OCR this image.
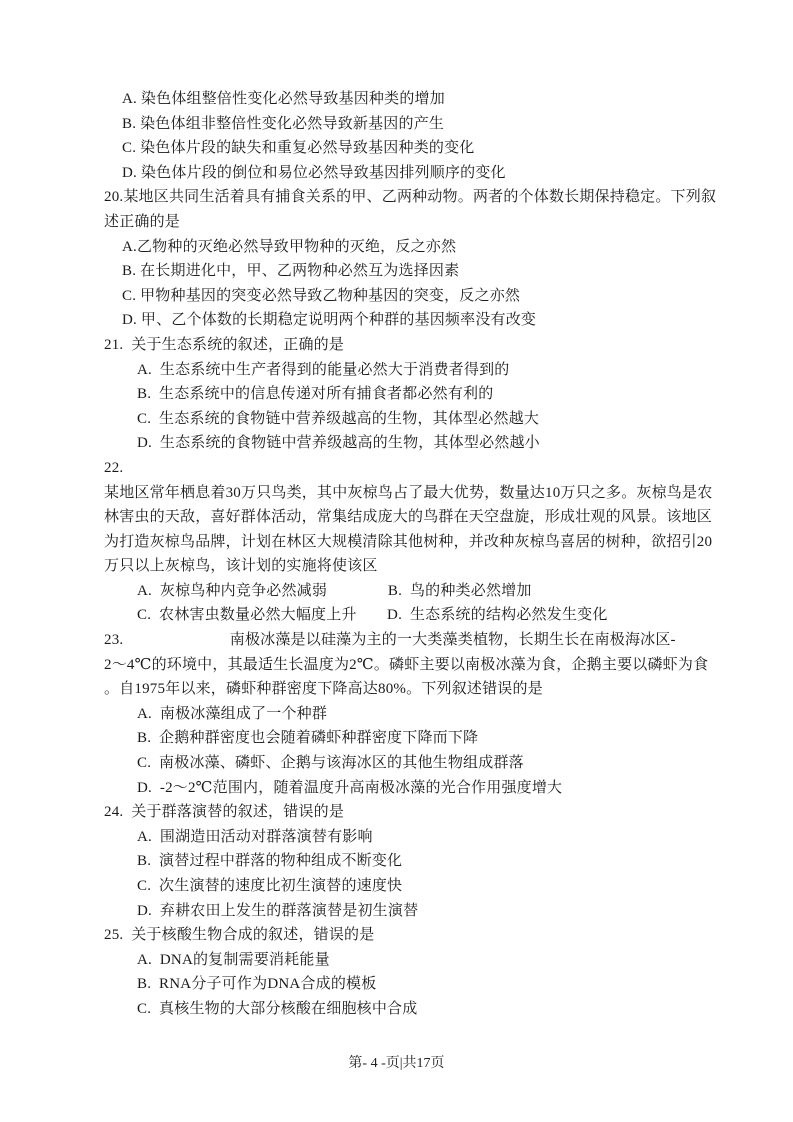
A. 染色体组整倍性变化必然导致基因种类的增加
B. 染色体组非整倍性变化必然导致新基因的产生
C. 染色体片段的缺失和重复必然导致基因种类的变化
D. 染色体片段的倒位和易位必然导致基因排列顺序的变化
20.某地区共同生活着具有捕食关系的甲、乙两种动物。两者的个体数长期保持稳定。下列叙
述正确的是
A.乙物种的灭绝必然导致甲物种的灭绝，反之亦然
B. 在长期进化中，甲、乙两物种必然互为选择因素
C. 甲物种基因的突变必然导致乙物种基因的突变，反之亦然
D. 甲、乙个体数的长期稳定说明两个种群的基因频率没有改变
21.  关于生态系统的叙述，正确的是
A.  生态系统中生产者得到的能量必然大于消费者得到的
B.  生态系统中的信息传递对所有捕食者都必然有利的
C.  生态系统的食物链中营养级越高的生物，其体型必然越大
D.  生态系统的食物链中营养级越高的生物，其体型必然越小
22.
某地区常年栖息着30万只鸟类，其中灰椋鸟占了最大优势，数量达10万只之多。灰椋鸟是农
林害虫的天敌，喜好群体活动，常集结成庞大的鸟群在天空盘旋，形成壮观的风景。该地区
为打造灰椋鸟品牌，计划在林区大规模清除其他树种，并改种灰椋鸟喜居的树种，欲招引20
万只以上灰椋鸟，该计划的实施将使该区
A.  灰椋鸟种内竞争必然减弱　　　　B.  鸟的种类必然增加
C.  农林害虫数量必然大幅度上升　　D.  生态系统的结构必然发生变化
23.　　　　　　　南极冰藻是以硅藻为主的一大类藻类植物，长期生长在南极海冰区-
2～4℃的环境中，其最适生长温度为2℃。磷虾主要以南极冰藻为食，企鹅主要以磷虾为食
。自1975年以来，磷虾种群密度下降高达80%。下列叙述错误的是
A.  南极冰藻组成了一个种群
B.  企鹅种群密度也会随着磷虾种群密度下降而下降
C.  南极冰藻、磷虾、企鹅与该海冰区的其他生物组成群落
D.  -2～2℃范围内，随着温度升高南极冰藻的光合作用强度增大
24.  关于群落演替的叙述，错误的是
A.  围湖造田活动对群落演替有影响
B.  演替过程中群落的物种组成不断变化
C.  次生演替的速度比初生演替的速度快
D.  弃耕农田上发生的群落演替是初生演替
25.  关于核酸生物合成的叙述，错误的是
A.  DNA的复制需要消耗能量
B.  RNA分子可作为DNA合成的模板
C.  真核生物的大部分核酸在细胞核中合成
第- 4 -页|共17页
